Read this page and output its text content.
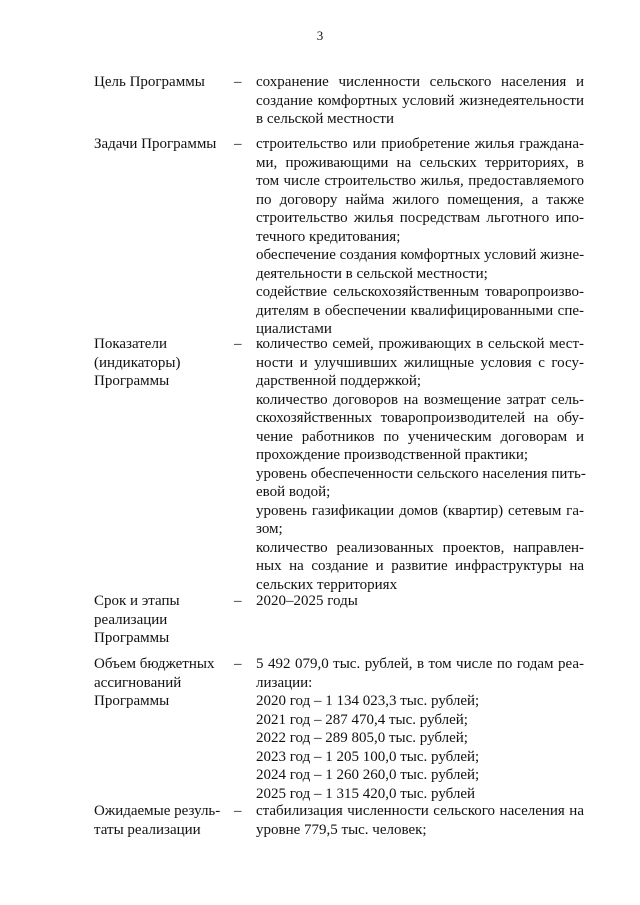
3
Цель Программы	– сохранение численности сельского населения и
создание комфортных условий жизнедеятельности
в сельской местности
Задачи Программы	– строительство или приобретение жилья граждана-
ми, проживающими на сельских территориях, в
том числе строительство жилья, предоставляемого
по договору найма жилого помещения, а также
строительство жилья посредствам льготного ипо-
течного кредитования;
обеспечение создания комфортных условий жизне-
деятельности в сельской местности;
содействие сельскохозяйственным товаропроизво-
дителям в обеспечении квалифицированными спе-
циалистами
Показатели
(индикаторы)
Программы
– количество семей, проживающих в сельской мест-
ности и улучшивших жилищные условия с госу-
дарственной поддержкой;
количество договоров на возмещение затрат сель-
скохозяйственных товаропроизводителей на обу-
чение работников по ученическим договорам и
прохождение производственной практики;
уровень обеспеченности сельского населения пить-
евой водой;
уровень газификации домов (квартир) сетевым га-
зом;
количество реализованных проектов, направлен-
ных на создание и развитие инфраструктуры на
сельских территориях
Срок и этапы
реализации
Программы
– 2020–2025 годы
Объем бюджетных
ассигнований
Программы
– 5 492 079,0 тыс. рублей, в том числе по годам реа-
лизации:
2020 год – 1 134 023,3 тыс. рублей;
2021 год – 287 470,4 тыс. рублей;
2022 год – 289 805,0 тыс. рублей;
2023 год – 1 205 100,0 тыс. рублей;
2024 год – 1 260 260,0 тыс. рублей;
2025 год – 1 315 420,0 тыс. рублей
Ожидаемые резуль-
таты реализации
– стабилизация численности сельского населения на
уровне 779,5 тыс. человек;
